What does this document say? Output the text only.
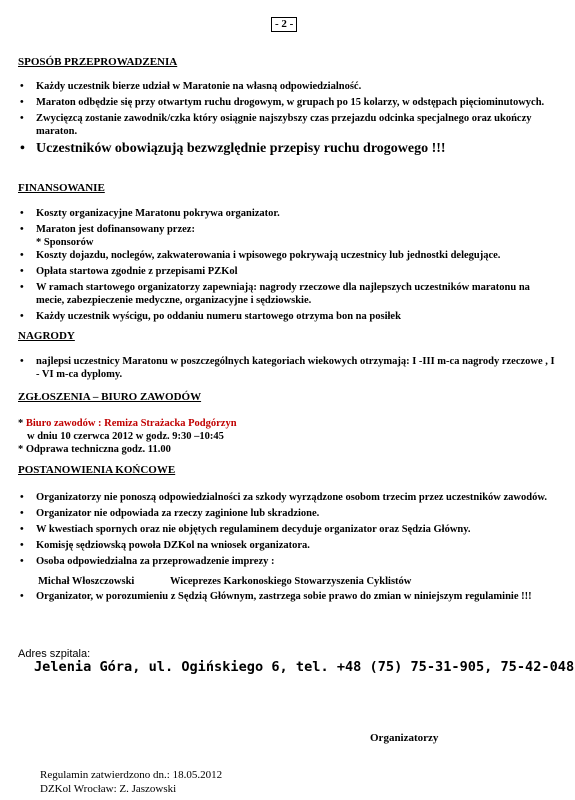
- 2 -
SPOSÓB PRZEPROWADZENIA
• Każdy uczestnik bierze udział w Maratonie na własną odpowiedzialność.
• Maraton odbędzie się przy otwartym ruchu drogowym, w grupach po 15 kolarzy, w odstępach pięciominutowych.
• Zwycięzcą zostanie zawodnik/czka który osiągnie najszybszy czas przejazdu odcinka specjalnego oraz ukończy maraton.
• Uczestników obowiązują bezwzględnie przepisy ruchu drogowego !!!
FINANSOWANIE
• Koszty organizacyjne Maratonu pokrywa organizator.
• Maraton jest dofinansowany przez:
* Sponsorów
• Koszty dojazdu, noclegów, zakwaterowania i wpisowego pokrywają uczestnicy lub jednostki delegujące.
• Opłata startowa zgodnie z przepisami PZKol
• W ramach startowego organizatorzy zapewniają: nagrody rzeczowe dla najlepszych uczestników maratonu na mecie, zabezpieczenie medyczne, organizacyjne i sędziowskie.
• Każdy uczestnik wyścigu, po oddaniu numeru startowego otrzyma bon na posiłek
NAGRODY
• najlepsi uczestnicy Maratonu w poszczególnych kategoriach wiekowych otrzymają: I -III m-ca nagrody rzeczowe , I - VI m-ca dyplomy.
ZGŁOSZENIA – BIURO ZAWODÓW
* Biuro zawodów : Remiza Strażacka Podgórzyn
w dniu 10 czerwca 2012 w godz. 9:30 –10:45
* Odprawa techniczna godz. 11.00
POSTANOWIENIA KOŃCOWE
• Organizatorzy nie ponoszą odpowiedzialności za szkody wyrządzone osobom trzecim przez uczestników zawodów.
• Organizator nie odpowiada za rzeczy zaginione lub skradzione.
• W kwestiach spornych oraz nie objętych regulaminem decyduje organizator oraz Sędzia Główny.
• Komisję sędziowską powoła DZKol na wniosek organizatora.
• Osoba odpowiedzialna za przeprowadzenie imprezy :
Michał Włoszczowski	Wiceprezes Karkonoskiego Stowarzyszenia Cyklistów
• Organizator, w porozumieniu z Sędzią Głównym, zastrzega sobie prawo do zmian w niniejszym regulaminie !!!
Adres szpitala:
Jelenia Góra, ul. Ogińskiego 6, tel. +48 (75) 75-31-905, 75-42-048
Organizatorzy
Regulamin zatwierdzono dn.: 18.05.2012
DZKol Wrocław: Z. Jaszowski
